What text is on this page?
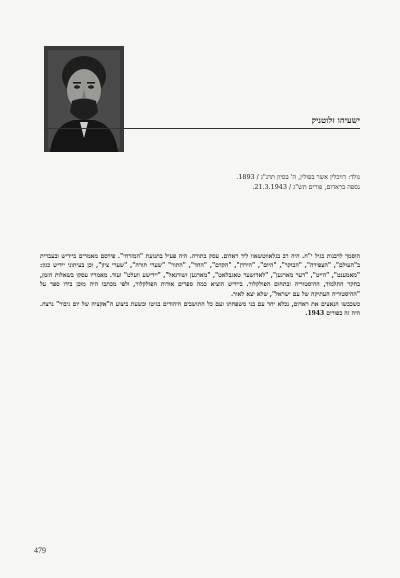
ישעיהו זלוטניק
נולד: דזיכלין אשר בפולין, ה' בסיון תרנ"ג / 1893.
נספה בראדום, פורים תש"ג / 21.3.1943.

הוסמך לרבנות בגיל י"ח. היה רב בגלאווטשאוו ליד ראדום. עסק בתורה. היה פעיל בתנועת "המזרחי". פירסם מאמרים ביידיש ובעברית ב"העולם", "הצפירה", "הבוקר", "היום", "הירדן", "הקדם", "החד", "התור" "שערי תורה", "שערי ציון", וכן בעיתוני יידיש כגון: "מאמענט", "הייט", "דער מארגען", "לאדזשער טאגבלאט", "מארגען זשורנאל", "יידישע וועלט" ועוד. מאמריו עסקו בשאלות הזמן, בחקר התלמוד, ההיסטוריה ובתחום הפולקלור. ביידיש הוציא כמה ספרים אודות הפולקלור, ולפי מכתבו היה מוכן בידו ספר על "ההיסטוריה העתיקה של עם ישראל", שלא יצא לאור.

כשכבשו הנאצים את ראדום, נכלא יחד עם בני משפחתו ועם כל התושבים היהודים בגיטו ובשעת ביצוע ה"אקציה של יום גיבור" נרצח. היה זה בפורים 1943.

479
